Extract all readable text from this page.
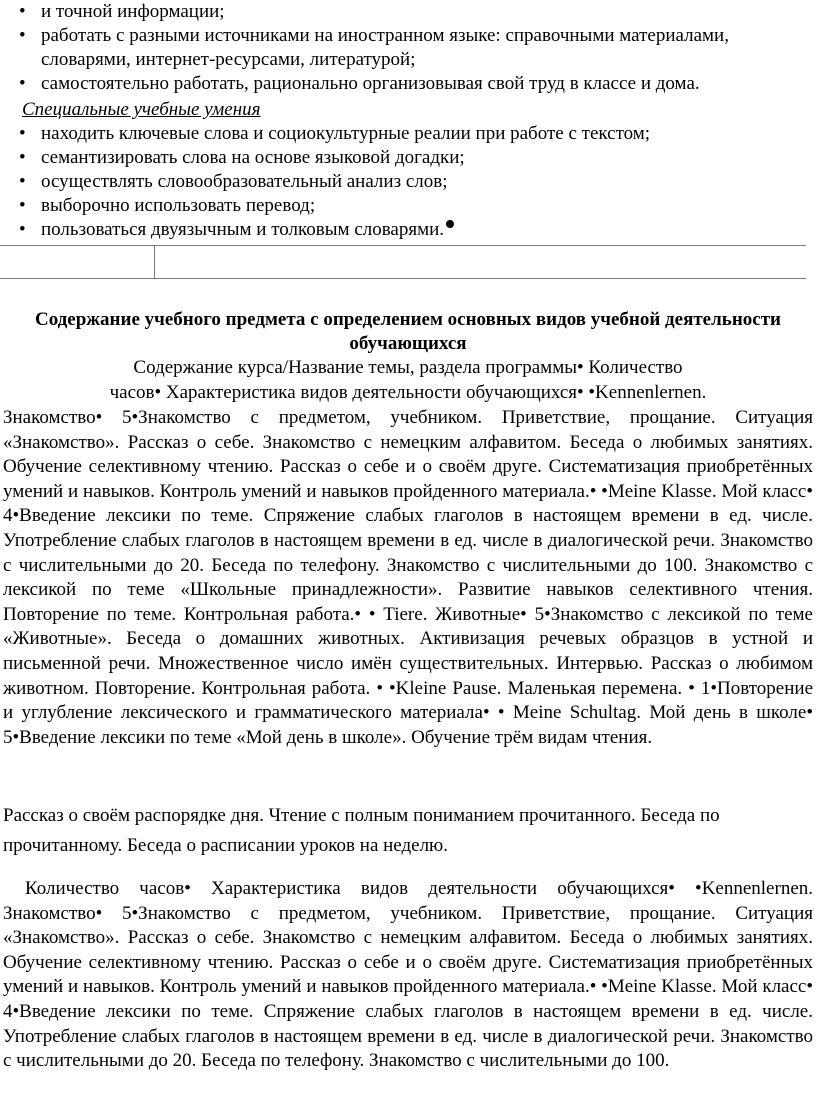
• и точной информации;
• работать с разными источниками на иностранном языке: справочными материалами, словарями, интернет-ресурсами, литературой;
• самостоятельно работать, рационально организовывая свой труд в классе и дома.
Специальные учебные умения
• находить ключевые слова и социокультурные реалии при работе с текстом;
• семантизировать слова на основе языковой догадки;
• осуществлять словообразовательный анализ слов;
• выборочно использовать перевод;
• пользоваться двуязычным и толковым словарями.
Содержание учебного предмета с определением основных видов учебной деятельности обучающихся
Содержание курса/Название темы, раздела программы• Количество
часов• Характеристика видов деятельности обучающихся• •Kennenlernen.
Знакомство• 5•Знакомство с предметом, учебником. Приветствие, прощание. Ситуация «Знакомство». Рассказ о себе. Знакомство с немецким алфавитом. Беседа о любимых занятиях. Обучение селективному чтению. Рассказ о себе и о своём друге. Систематизация приобретённых умений и навыков. Контроль умений и навыков пройденного материала.• •Meine Klasse. Мой класс• 4•Введение лексики по теме. Спряжение слабых глаголов в настоящем времени в ед. числе. Употребление слабых глаголов в настоящем времени в ед. числе в диалогической речи. Знакомство с числительными до 20. Беседа по телефону. Знакомство с числительными до 100. Знакомство с лексикой по теме «Школьные принадлежности». Развитие навыков селективного чтения. Повторение по теме. Контрольная работа.• • Tiere. Животные• 5•Знакомство с лексикой по теме «Животные». Беседа о домашних животных. Активизация речевых образцов в устной и письменной речи. Множественное число имён существительных. Интервью. Рассказ о любимом животном. Повторение. Контрольная работа. • •Kleine Pause. Маленькая перемена. • 1•Повторение и углубление лексического и грамматического материала• • Meine Schultag. Мой день в школе• 5•Введение лексики по теме «Мой день в школе». Обучение трём видам чтения.
Рассказ о своём распорядке дня. Чтение с полным пониманием прочитанного. Беседа по прочитанному. Беседа о расписании уроков на неделю.
Количество часов• Характеристика видов деятельности обучающихся• •Kennenlernen. Знакомство• 5•Знакомство с предметом, учебником. Приветствие, прощание. Ситуация «Знакомство». Рассказ о себе. Знакомство с немецким алфавитом. Беседа о любимых занятиях. Обучение селективному чтению. Рассказ о себе и о своём друге. Систематизация приобретённых умений и навыков. Контроль умений и навыков пройденного материала.• •Meine Klasse. Мой класс• 4•Введение лексики по теме. Спряжение слабых глаголов в настоящем времени в ед. числе. Употребление слабых глаголов в настоящем времени в ед. числе в диалогической речи. Знакомство с числительными до 20. Беседа по телефону. Знакомство с числительными до 100.
